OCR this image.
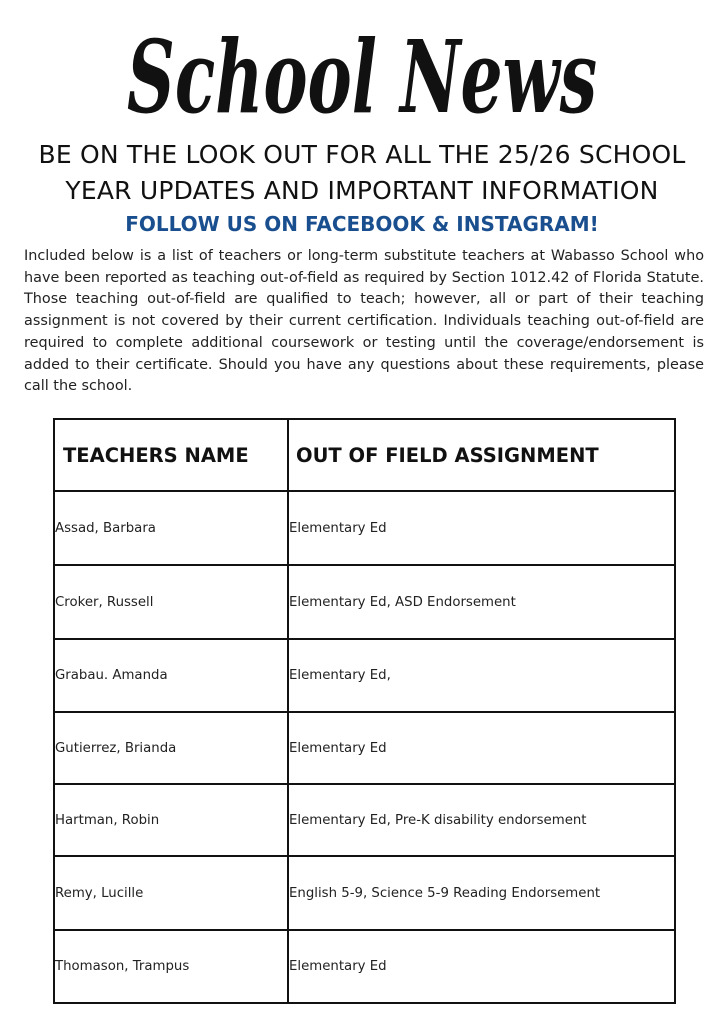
School News
BE ON THE LOOK OUT FOR ALL THE 25/26 SCHOOL
YEAR UPDATES AND IMPORTANT INFORMATION
FOLLOW US ON FACEBOOK & INSTAGRAM!
Included below is a list of teachers or long-term substitute teachers at Wabasso School who have been reported as teaching out-of-field as required by Section 1012.42 of Florida Statute. Those teaching out-of-field are qualified to teach; however, all or part of their teaching assignment is not covered by their current certification. Individuals teaching out-of-field are required to complete additional coursework or testing until the coverage/endorsement is added to their certificate. Should you have any questions about these requirements, please call the school.
TEACHERS NAME	OUT OF FIELD ASSIGNMENT
Assad, Barbara	Elementary Ed
Croker, Russell	Elementary Ed, ASD Endorsement
Grabau. Amanda	Elementary Ed,
Gutierrez, Brianda	Elementary Ed
Hartman, Robin	Elementary Ed, Pre-K disability endorsement
Remy, Lucille	English 5-9, Science 5-9 Reading Endorsement
Thomason, Trampus	Elementary Ed
